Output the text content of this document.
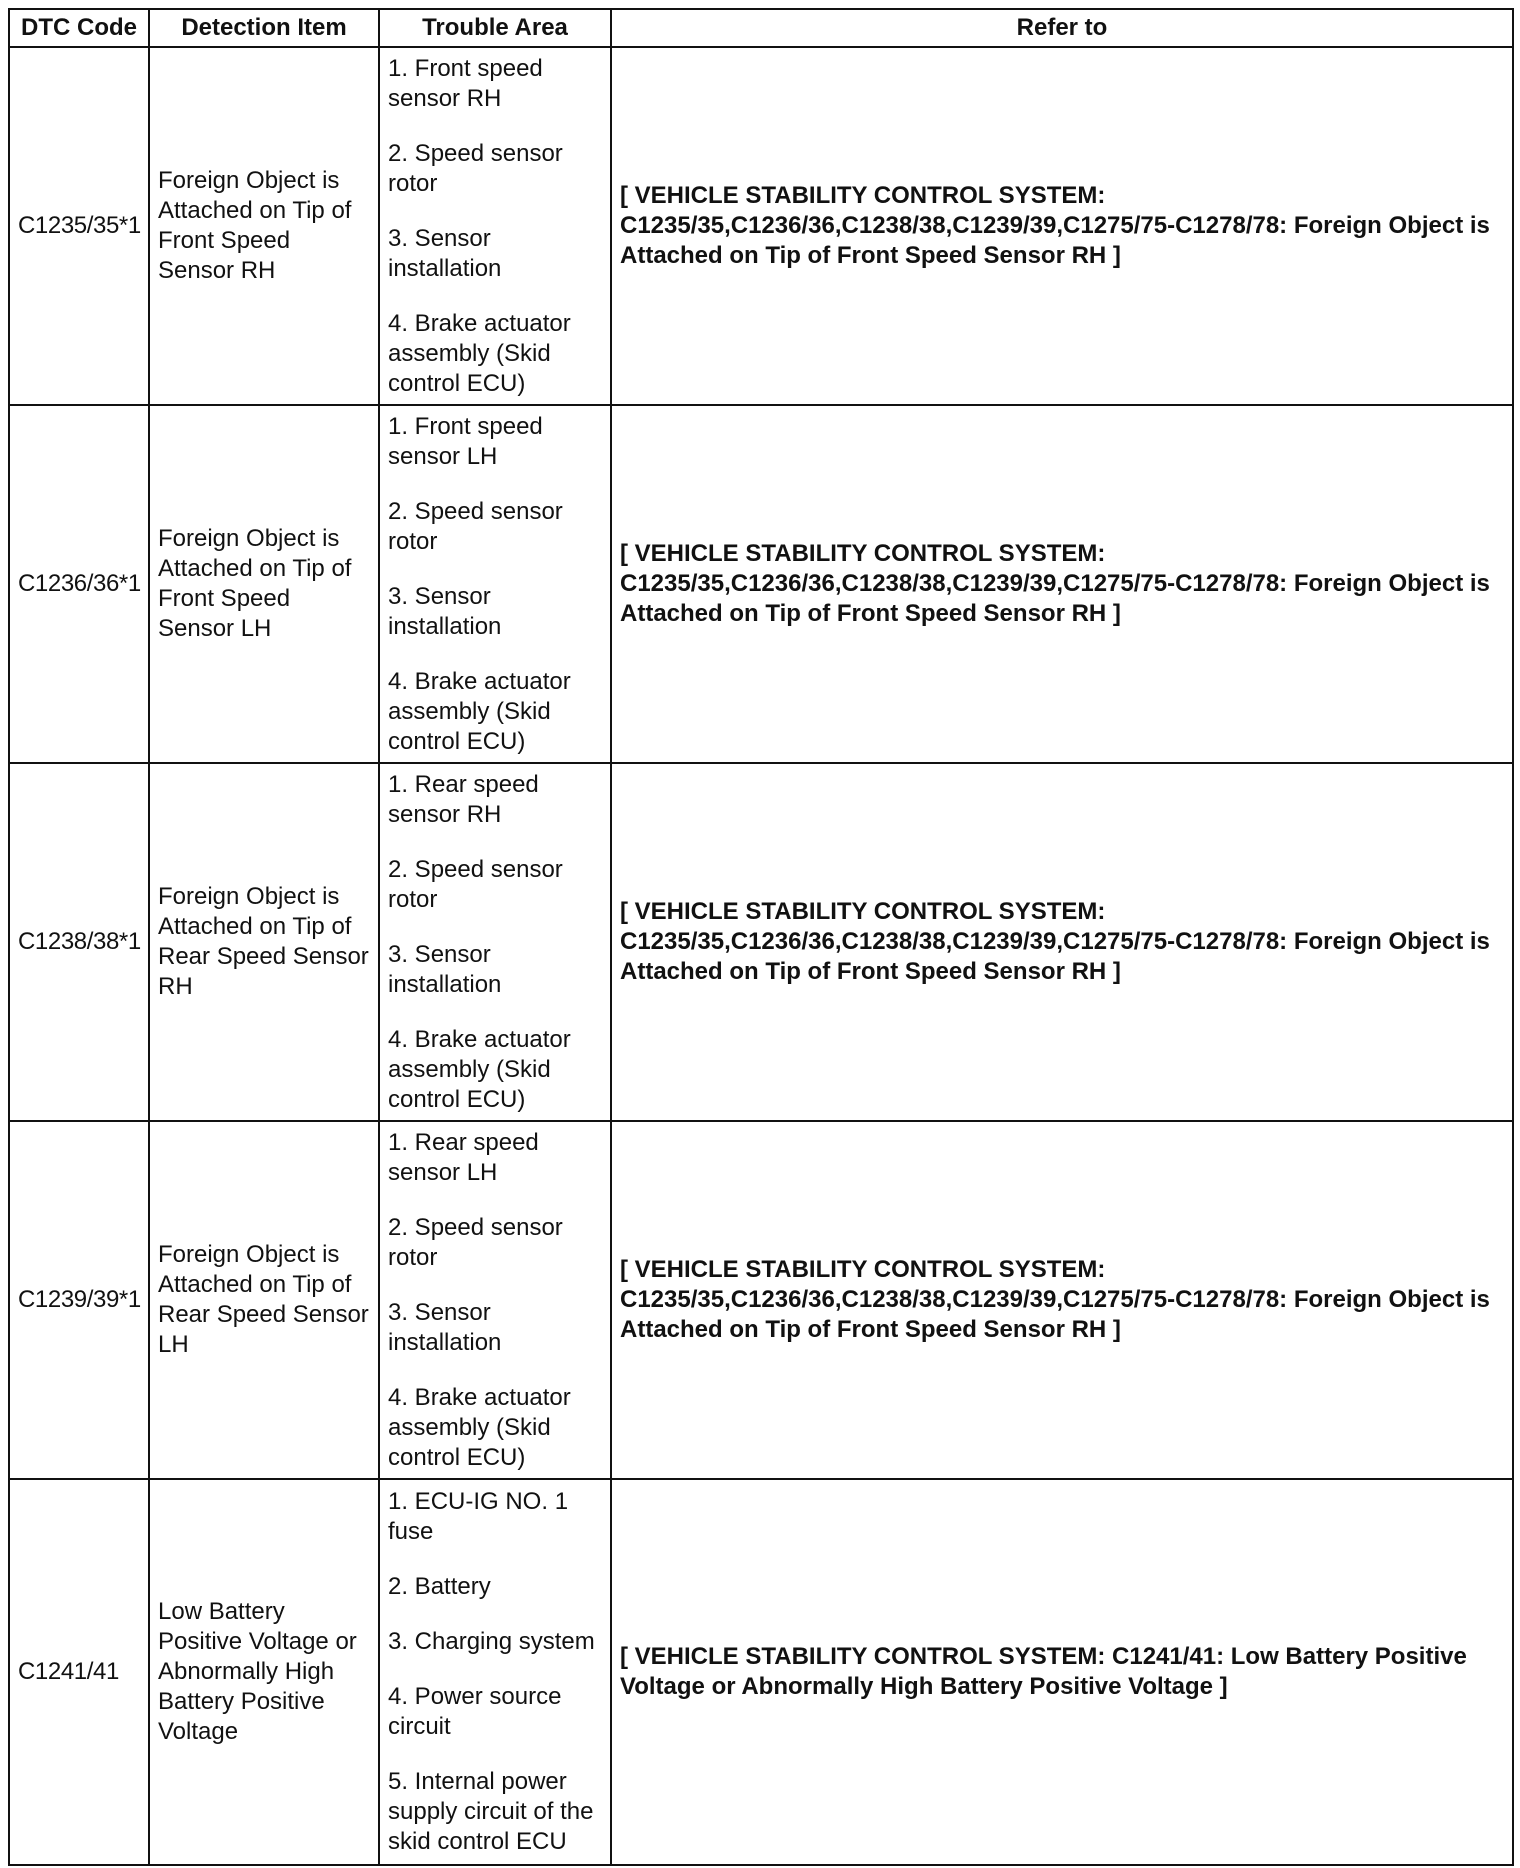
DTC Code	Detection Item	Trouble Area	Refer to
C1235/35*1	Foreign Object is Attached on Tip of Front Speed Sensor RH	1. Front speed sensor RH
2. Speed sensor rotor
3. Sensor installation
4. Brake actuator assembly (Skid control ECU)	[ VEHICLE STABILITY CONTROL SYSTEM: C1235/35,C1236/36,C1238/38,C1239/39,C1275/75-C1278/78: Foreign Object is Attached on Tip of Front Speed Sensor RH ]
C1236/36*1	Foreign Object is Attached on Tip of Front Speed Sensor LH	1. Front speed sensor LH
2. Speed sensor rotor
3. Sensor installation
4. Brake actuator assembly (Skid control ECU)	[ VEHICLE STABILITY CONTROL SYSTEM: C1235/35,C1236/36,C1238/38,C1239/39,C1275/75-C1278/78: Foreign Object is Attached on Tip of Front Speed Sensor RH ]
C1238/38*1	Foreign Object is Attached on Tip of Rear Speed Sensor RH	1. Rear speed sensor RH
2. Speed sensor rotor
3. Sensor installation
4. Brake actuator assembly (Skid control ECU)	[ VEHICLE STABILITY CONTROL SYSTEM: C1235/35,C1236/36,C1238/38,C1239/39,C1275/75-C1278/78: Foreign Object is Attached on Tip of Front Speed Sensor RH ]
C1239/39*1	Foreign Object is Attached on Tip of Rear Speed Sensor LH	1. Rear speed sensor LH
2. Speed sensor rotor
3. Sensor installation
4. Brake actuator assembly (Skid control ECU)	[ VEHICLE STABILITY CONTROL SYSTEM: C1235/35,C1236/36,C1238/38,C1239/39,C1275/75-C1278/78: Foreign Object is Attached on Tip of Front Speed Sensor RH ]
C1241/41	Low Battery Positive Voltage or Abnormally High Battery Positive Voltage	1. ECU-IG NO. 1 fuse
2. Battery
3. Charging system
4. Power source circuit
5. Internal power supply circuit of the skid control ECU	[ VEHICLE STABILITY CONTROL SYSTEM: C1241/41: Low Battery Positive Voltage or Abnormally High Battery Positive Voltage ]
